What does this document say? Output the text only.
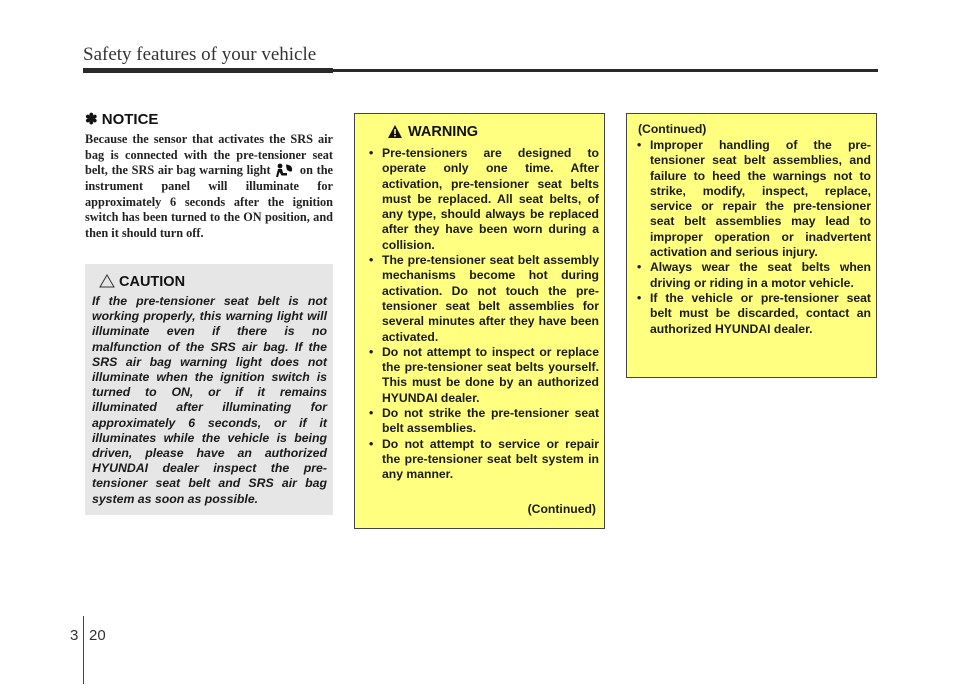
Safety features of your vehicle
✽ NOTICE

Because the sensor that activates the SRS air bag is connected with the pre-tensioner seat belt, the SRS air bag warning light on the instrument panel will illuminate for approximately 6 seconds after the ignition switch has been turned to the ON position, and then it should turn off.

CAUTION

If the pre-tensioner seat belt is not working properly, this warning light will illuminate even if there is no malfunction of the SRS air bag. If the SRS air bag warning light does not illuminate when the ignition switch is turned to ON, or if it remains illuminated after illuminating for approximately 6 seconds, or if it illuminates while the vehicle is being driven, please have an authorized HYUNDAI dealer inspect the pre-tensioner seat belt and SRS air bag system as soon as possible.

WARNING
• Pre-tensioners are designed to operate only one time. After activation, pre-tensioner seat belts must be replaced. All seat belts, of any type, should always be replaced after they have been worn during a collision.
• The pre-tensioner seat belt assembly mechanisms become hot during activation. Do not touch the pre-tensioner seat belt assemblies for several minutes after they have been activated.
• Do not attempt to inspect or replace the pre-tensioner seat belts yourself. This must be done by an authorized HYUNDAI dealer.
• Do not strike the pre-tensioner seat belt assemblies.
• Do not attempt to service or repair the pre-tensioner seat belt system in any manner.
(Continued)
(Continued)
• Improper handling of the pre-tensioner seat belt assemblies, and failure to heed the warnings not to strike, modify, inspect, replace, service or repair the pre-tensioner seat belt assemblies may lead to improper operation or inadvertent activation and serious injury.
• Always wear the seat belts when driving or riding in a motor vehicle.
• If the vehicle or pre-tensioner seat belt must be discarded, contact an authorized HYUNDAI dealer.
3 20
